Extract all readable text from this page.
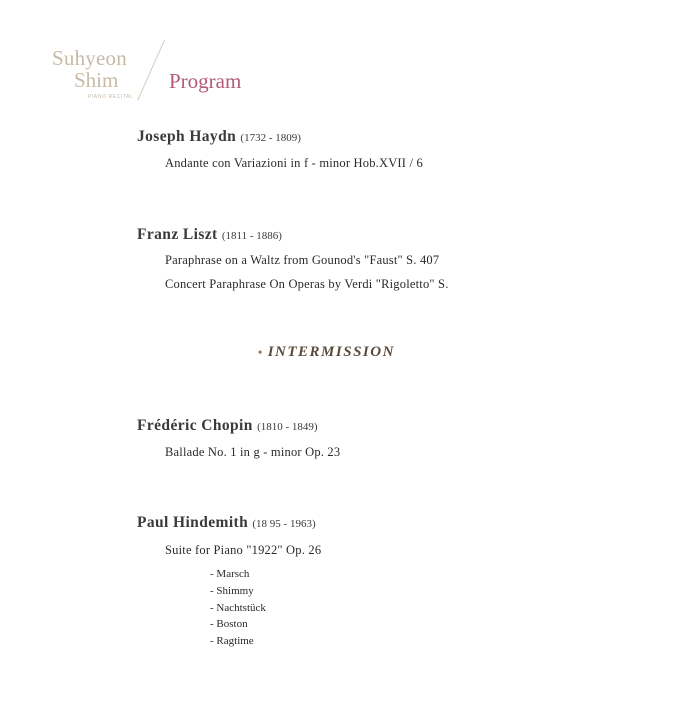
Suhyeon
Shim
PIANO RECITAL
Program
Joseph Haydn (1732 - 1809)
Andante con Variazioni in f - minor Hob.XVII / 6
Franz Liszt (1811 - 1886)
Paraphrase on a Waltz from Gounod's "Faust" S. 407
Concert Paraphrase On Operas by Verdi "Rigoletto" S.
• INTERMISSION
Frédéric Chopin (1810 - 1849)
Ballade No. 1 in g - minor Op. 23
Paul Hindemith (18 95 - 1963)
Suite for Piano "1922" Op. 26
- Marsch
- Shimmy
- Nachtstück
- Boston
- Ragtime
